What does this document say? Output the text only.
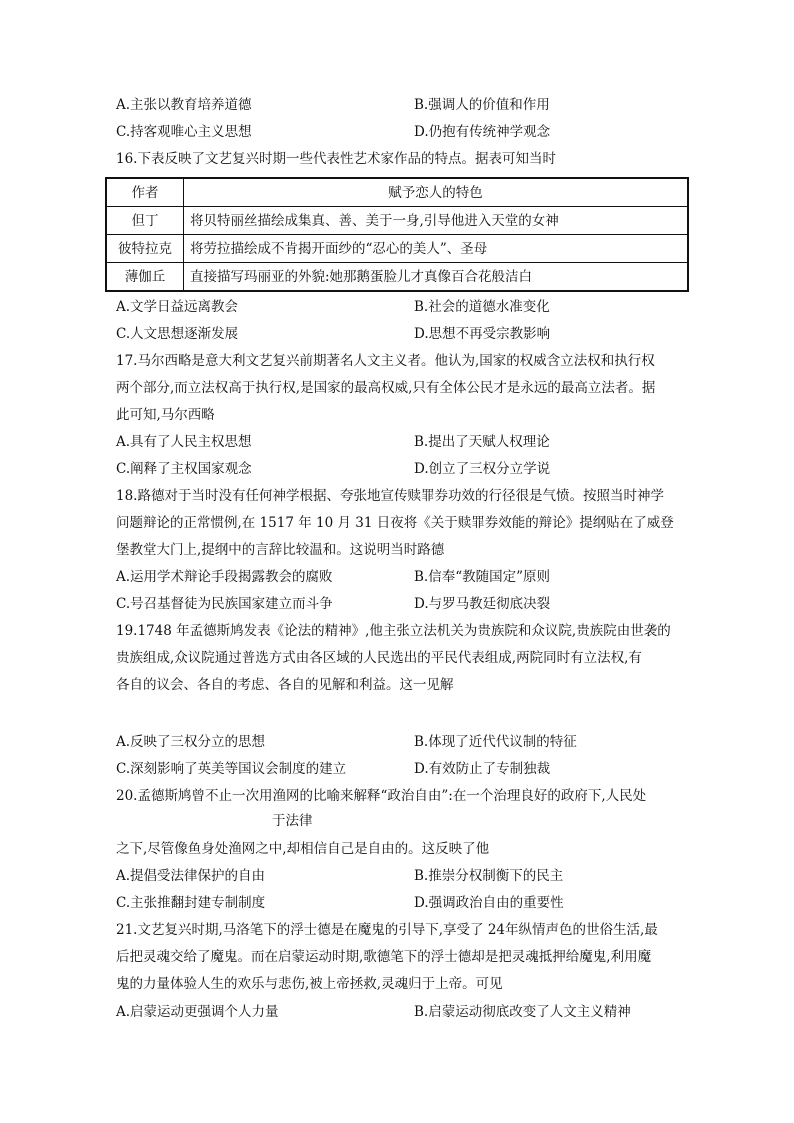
A.主张以教育培养道德	B.强调人的价值和作用
C.持客观唯心主义思想	D.仍抱有传统神学观念
16.下表反映了文艺复兴时期一些代表性艺术家作品的特点。据表可知当时
作者	赋予恋人的特色
但丁	将贝特丽丝描绘成集真、善、美于一身,引导他进入天堂的女神
彼特拉克	将劳拉描绘成不肯揭开面纱的“忍心的美人”、圣母
薄伽丘	直接描写玛丽亚的外貌:她那鹅蛋脸儿才真像百合花般洁白
A.文学日益远离教会	B.社会的道德水准变化
C.人文思想逐渐发展	D.思想不再受宗教影响
17.马尔西略是意大利文艺复兴前期著名人文主义者。他认为,国家的权威含立法权和执行权
两个部分,而立法权高于执行权,是国家的最高权威,只有全体公民才是永远的最高立法者。据
此可知,马尔西略
A.具有了人民主权思想	B.提出了天赋人权理论
C.阐释了主权国家观念	D.创立了三权分立学说
18.路德对于当时没有任何神学根据、夸张地宣传赎罪券功效的行径很是气愤。按照当时神学
问题辩论的正常惯例,在 1517 年 10 月 31 日夜将《关于赎罪券效能的辩论》提纲贴在了威登
堡教堂大门上,提纲中的言辞比较温和。这说明当时路德
A.运用学术辩论手段揭露教会的腐败	B.信奉“教随国定”原则
C.号召基督徒为民族国家建立而斗争	D.与罗马教廷彻底决裂
19.1748 年孟德斯鸠发表《论法的精神》,他主张立法机关为贵族院和众议院,贵族院由世袭的
贵族组成,众议院通过普选方式由各区域的人民选出的平民代表组成,两院同时有立法权,有
各自的议会、各自的考虑、各自的见解和利益。这一见解
A.反映了三权分立的思想	B.体现了近代代议制的特征
C.深刻影响了英美等国议会制度的建立	D.有效防止了专制独裁
20.孟德斯鸠曾不止一次用渔网的比喻来解释“政治自由”:在一个治理良好的政府下,人民处
于法律
之下,尽管像鱼身处渔网之中,却相信自己是自由的。这反映了他
A.提倡受法律保护的自由	B.推崇分权制衡下的民主
C.主张推翻封建专制制度	D.强调政治自由的重要性
21.文艺复兴时期,马洛笔下的浮士德是在魔鬼的引导下,享受了 24年纵情声色的世俗生活,最
后把灵魂交给了魔鬼。而在启蒙运动时期,歌德笔下的浮士德却是把灵魂抵押给魔鬼,利用魔
鬼的力量体验人生的欢乐与悲伤,被上帝拯救,灵魂归于上帝。可见
A.启蒙运动更强调个人力量	B.启蒙运动彻底改变了人文主义精神
